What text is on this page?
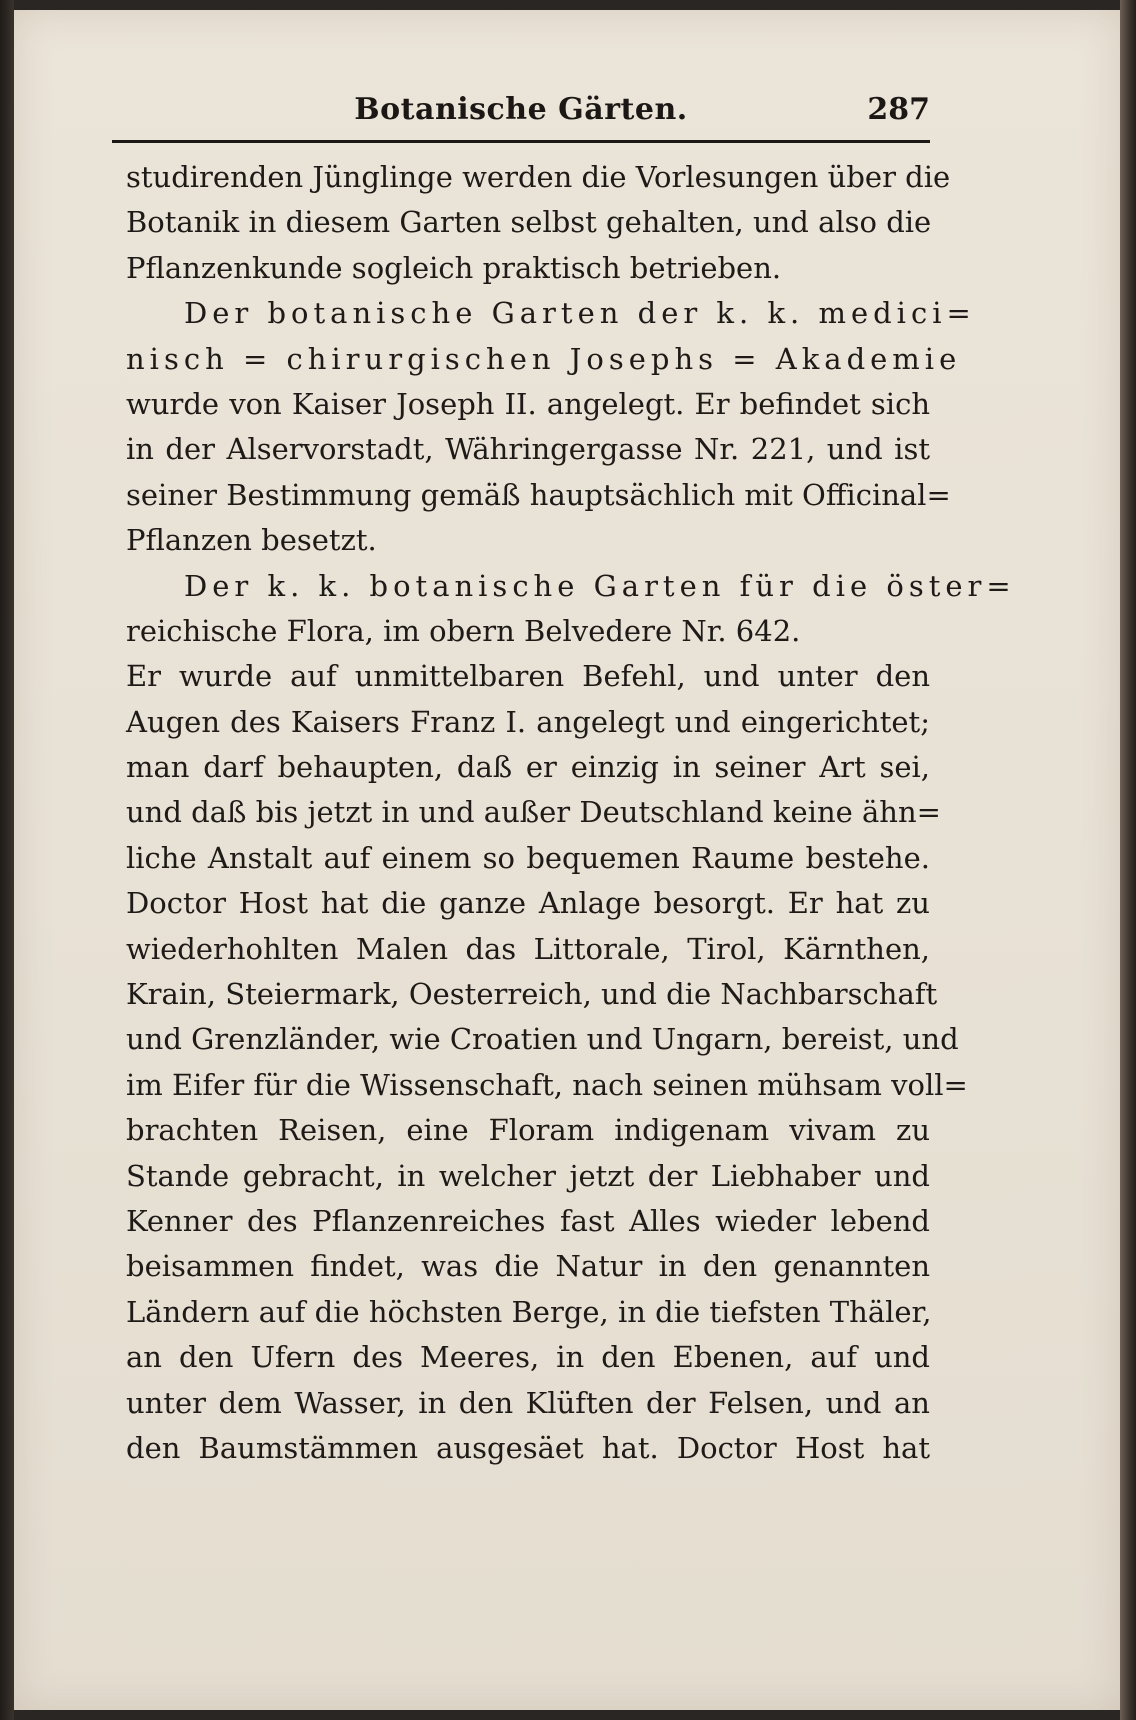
Botanische Gärten.	287
studirenden Jünglinge werden die Vorlesungen über die
Botanik in diesem Garten selbst gehalten, und also die
Pflanzenkunde sogleich praktisch betrieben.
Der botanische Garten der k. k. medici=
nisch = chirurgischen Josephs = Akademie
wurde von Kaiser Joseph II. angelegt. Er befindet sich
in der Alservorstadt, Währingergasse Nr. 221, und ist
seiner Bestimmung gemäß hauptsächlich mit Officinal=
Pflanzen besetzt.
Der k. k. botanische Garten für die öster=
reichische Flora, im obern Belvedere Nr. 642.
Er wurde auf unmittelbaren Befehl, und unter den
Augen des Kaisers Franz I. angelegt und eingerichtet;
man darf behaupten, daß er einzig in seiner Art sei,
und daß bis jetzt in und außer Deutschland keine ähn=
liche Anstalt auf einem so bequemen Raume bestehe.
Doctor Host hat die ganze Anlage besorgt. Er hat zu
wiederhohlten Malen das Littorale, Tirol, Kärnthen,
Krain, Steiermark, Oesterreich, und die Nachbarschaft
und Grenzländer, wie Croatien und Ungarn, bereist, und
im Eifer für die Wissenschaft, nach seinen mühsam voll=
brachten Reisen, eine Floram indigenam vivam zu
Stande gebracht, in welcher jetzt der Liebhaber und
Kenner des Pflanzenreiches fast Alles wieder lebend
beisammen findet, was die Natur in den genannten
Ländern auf die höchsten Berge, in die tiefsten Thäler,
an den Ufern des Meeres, in den Ebenen, auf und
unter dem Wasser, in den Klüften der Felsen, und an
den Baumstämmen ausgesäet hat. Doctor Host hat
